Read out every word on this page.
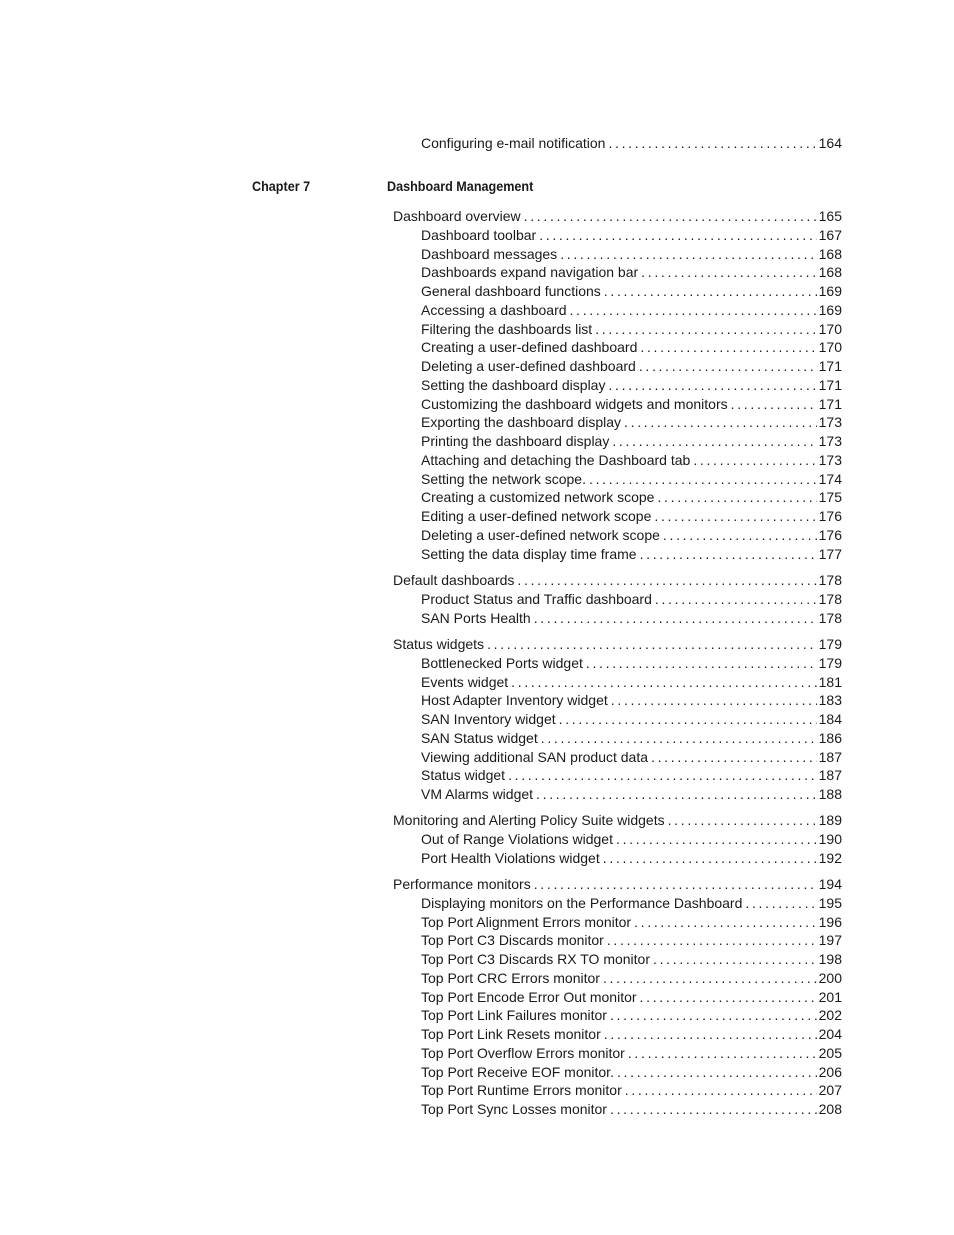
Chapter 7	Dashboard Management
Configuring e-mail notification . . .	164
Dashboard overview . . .	165
Dashboard toolbar . . .	167
Dashboard messages . . .	168
Dashboards expand navigation bar . . .	168
General dashboard functions . . .	169
Accessing a dashboard . . .	169
Filtering the dashboards list . . .	170
Creating a user-defined dashboard . . .	170
Deleting a user-defined dashboard . . .	171
Setting the dashboard display . . .	171
Customizing the dashboard widgets and monitors . . .	171
Exporting the dashboard display . . .	173
Printing the dashboard display . . .	173
Attaching and detaching the Dashboard tab . . .	173
Setting the network scope. . . .	174
Creating a customized network scope . . .	175
Editing a user-defined network scope . . .	176
Deleting a user-defined network scope . . .	176
Setting the data display time frame . . .	177
Default dashboards . . .	178
Product Status and Traffic dashboard . . .	178
SAN Ports Health . . .	178
Status widgets . . .	179
Bottlenecked Ports widget . . .	179
Events widget . . .	181
Host Adapter Inventory widget . . .	183
SAN Inventory widget . . .	184
SAN Status widget . . .	186
Viewing additional SAN product data . . .	187
Status widget . . .	187
VM Alarms widget . . .	188
Monitoring and Alerting Policy Suite widgets . . .	189
Out of Range Violations widget . . .	190
Port Health Violations widget . . .	192
Performance monitors . . .	194
Displaying monitors on the Performance Dashboard . . .	195
Top Port Alignment Errors monitor . . .	196
Top Port C3 Discards monitor . . .	197
Top Port C3 Discards RX TO monitor . . .	198
Top Port CRC Errors monitor . . .	200
Top Port Encode Error Out monitor . . .	201
Top Port Link Failures monitor . . .	202
Top Port Link Resets monitor . . .	204
Top Port Overflow Errors monitor . . .	205
Top Port Receive EOF monitor. . . .	206
Top Port Runtime Errors monitor . . .	207
Top Port Sync Losses monitor . . .	208
